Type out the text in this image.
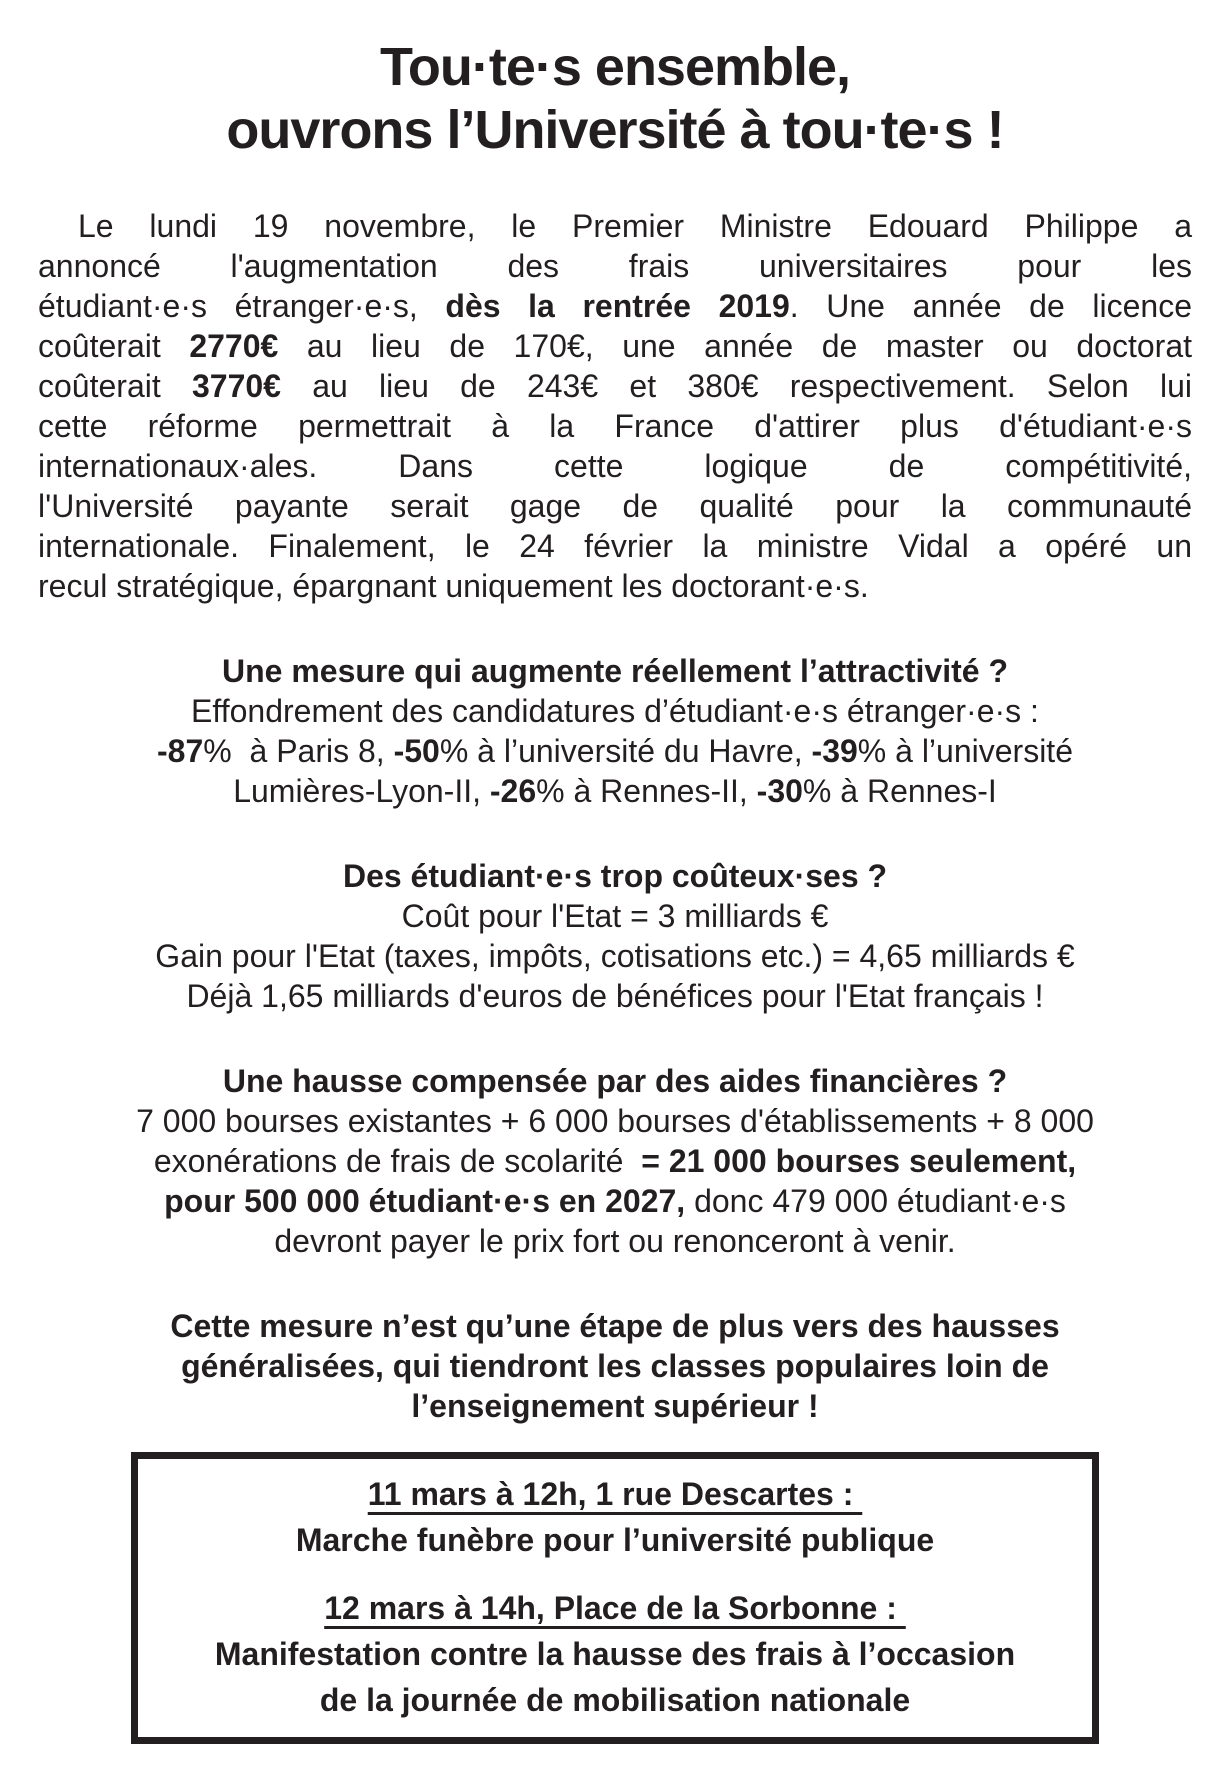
Tou·te·s ensemble,
ouvrons l’Université à tou·te·s !
Le lundi 19 novembre, le Premier Ministre Edouard Philippe a
annoncé l'augmentation des frais universitaires pour les
étudiant·e·s étranger·e·s, dès la rentrée 2019. Une année de licence
coûterait 2770€ au lieu de 170€, une année de master ou doctorat
coûterait 3770€ au lieu de 243€ et 380€ respectivement. Selon lui
cette réforme permettrait à la France d'attirer plus d'étudiant·e·s
internationaux·ales. Dans cette logique de compétitivité,
l'Université payante serait gage de qualité pour la communauté
internationale. Finalement, le 24 février la ministre Vidal a opéré un
recul stratégique, épargnant uniquement les doctorant·e·s.
Une mesure qui augmente réellement l’attractivité ?
Effondrement des candidatures d’étudiant·e·s étranger·e·s :
-87%  à Paris 8, -50% à l’université du Havre, -39% à l’université
Lumières-Lyon-II, -26% à Rennes-II, -30% à Rennes-I
Des étudiant·e·s trop coûteux·ses ?
Coût pour l'Etat = 3 milliards €
Gain pour l'Etat (taxes, impôts, cotisations etc.) = 4,65 milliards €
Déjà 1,65 milliards d'euros de bénéfices pour l'Etat français !
Une hausse compensée par des aides financières ?
7 000 bourses existantes + 6 000 bourses d'établissements + 8 000
exonérations de frais de scolarité  = 21 000 bourses seulement,
pour 500 000 étudiant·e·s en 2027, donc 479 000 étudiant·e·s
devront payer le prix fort ou renonceront à venir.
Cette mesure n’est qu’une étape de plus vers des hausses
généralisées, qui tiendront les classes populaires loin de
l’enseignement supérieur !
11 mars à 12h, 1 rue Descartes :
Marche funèbre pour l’université publique
12 mars à 14h, Place de la Sorbonne :
Manifestation contre la hausse des frais à l’occasion
de la journée de mobilisation nationale
